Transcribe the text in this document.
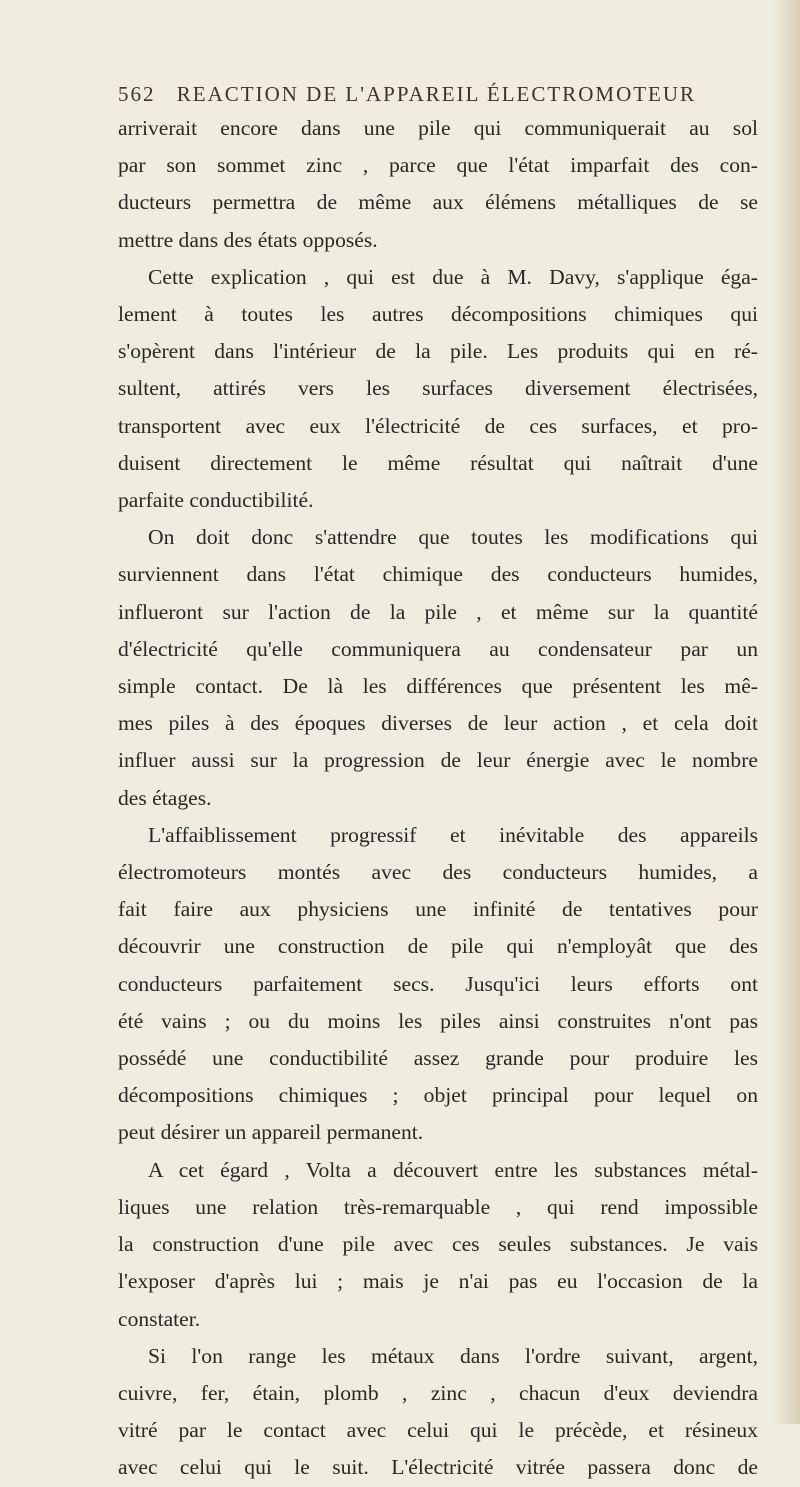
562 REACTION DE L'APPAREIL ÉLECTROMOTEUR
arriverait encore dans une pile qui communiquerait au sol
par son sommet zinc , parce que l'état imparfait des con-
ducteurs permettra de même aux élémens métalliques de se
mettre dans des états opposés.
Cette explication , qui est due à M. Davy, s'applique éga-
lement à toutes les autres décompositions chimiques qui
s'opèrent dans l'intérieur de la pile. Les produits qui en ré-
sultent, attirés vers les surfaces diversement électrisées,
transportent avec eux l'électricité de ces surfaces, et pro-
duisent directement le même résultat qui naîtrait d'une
parfaite conductibilité.
On doit donc s'attendre que toutes les modifications qui
surviennent dans l'état chimique des conducteurs humides,
influeront sur l'action de la pile , et même sur la quantité
d'électricité qu'elle communiquera au condensateur par un
simple contact. De là les différences que présentent les mê-
mes piles à des époques diverses de leur action , et cela doit
influer aussi sur la progression de leur énergie avec le nombre
des étages.
L'affaiblissement progressif et inévitable des appareils
électromoteurs montés avec des conducteurs humides, a
fait faire aux physiciens une infinité de tentatives pour
découvrir une construction de pile qui n'employât que des
conducteurs parfaitement secs. Jusqu'ici leurs efforts ont
été vains ; ou du moins les piles ainsi construites n'ont pas
possédé une conductibilité assez grande pour produire les
décompositions chimiques ; objet principal pour lequel on
peut désirer un appareil permanent.
A cet égard , Volta a découvert entre les substances métal-
liques une relation très-remarquable , qui rend impossible
la construction d'une pile avec ces seules substances. Je vais
l'exposer d'après lui ; mais je n'ai pas eu l'occasion de la
constater.
Si l'on range les métaux dans l'ordre suivant, argent,
cuivre, fer, étain, plomb , zinc , chacun d'eux deviendra
vitré par le contact avec celui qui le précède, et résineux
avec celui qui le suit. L'électricité vitrée passera donc de
